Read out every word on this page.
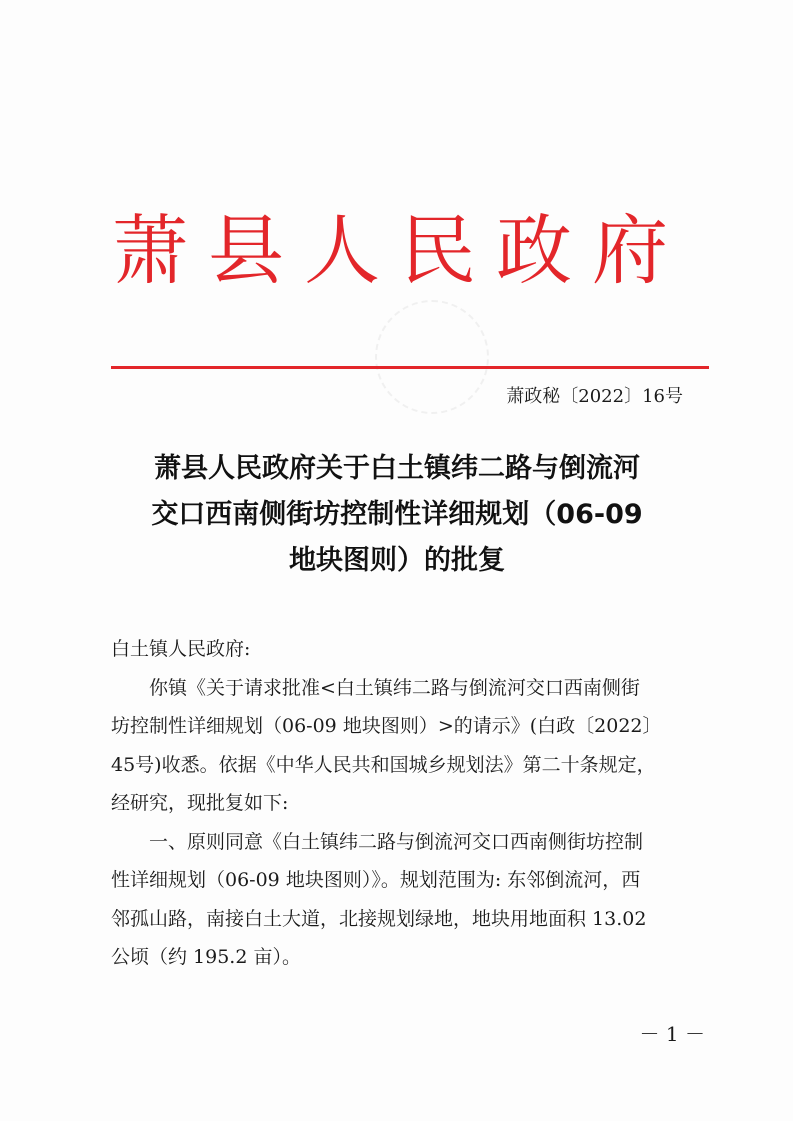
萧县人民政府
萧政秘〔2022〕16号
萧县人民政府关于白土镇纬二路与倒流河
交口西南侧街坊控制性详细规划（06-09
地块图则）的批复
白土镇人民政府:
你镇《关于请求批准<白土镇纬二路与倒流河交口西南侧街
坊控制性详细规划（06-09 地块图则）>的请示》(白政〔2022〕
45号)收悉。依据《中华人民共和国城乡规划法》第二十条规定，
经研究，现批复如下:
一、原则同意《白土镇纬二路与倒流河交口西南侧街坊控制
性详细规划（06-09 地块图则）》。规划范围为: 东邻倒流河，西
邻孤山路，南接白土大道，北接规划绿地，地块用地面积 13.02
公顷（约 195.2 亩）。
－ 1 －
